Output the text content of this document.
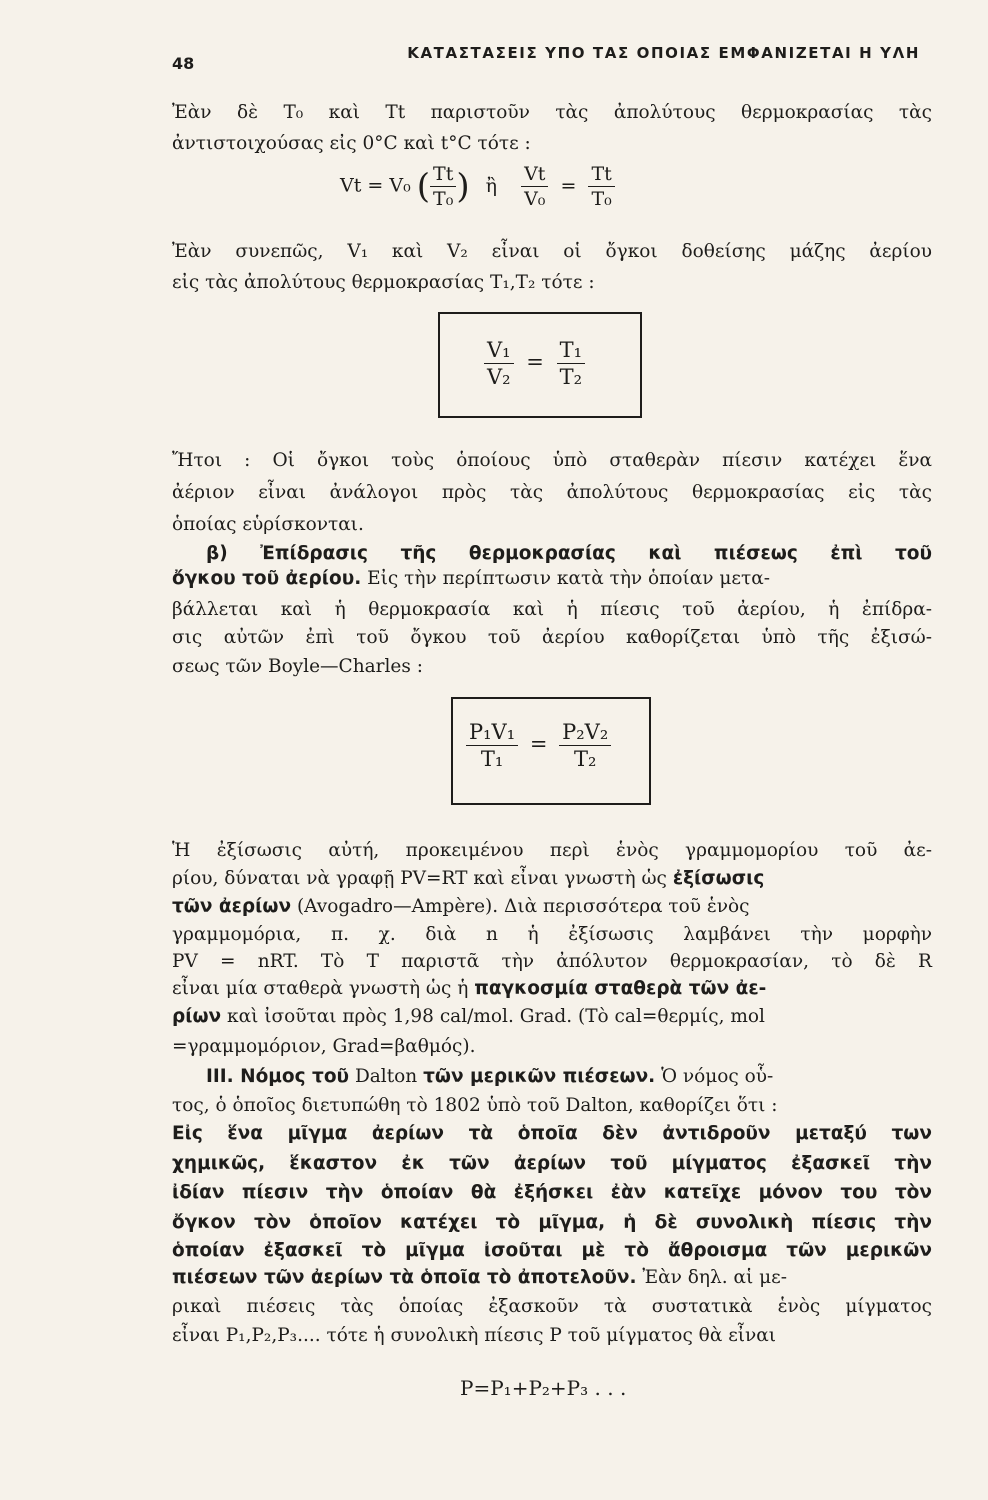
48
ΚΑΤΑΣΤΑΣΕΙΣ ΥΠΟ ΤΑΣ ΟΠΟΙΑΣ ΕΜΦΑΝΙΖΕΤΑΙ Η ΥΛΗ
Ἐὰν δὲ T₀ καὶ Tt παριστοῦν τὰς ἀπολύτους θερμοκρασίας τὰς
ἀντιστοιχούσας εἰς 0°C καὶ t°C τότε :
Vt = V₀ ( $\frac{Tt}{\text{T₀}}$ ) ἢ $\frac{Vt}{\text{V₀}} = \frac{Tt}{\text{T₀}}$
Ἐὰν συνεπῶς, V₁ καὶ V₂ εἶναι οἱ ὄγκοι δοθείσης μάζης ἀερίου
εἰς τὰς ἀπολύτους θερμοκρασίας T₁,T₂ τότε :
$\frac{\text{V₁}}{\text{V₂}} = \frac{\text{T₁}}{\text{T₂}}$
Ἤτοι : Οἱ ὄγκοι τοὺς ὁποίους ὑπὸ σταθερὰν πίεσιν κατέχει ἕνα
ἀέριον εἶναι ἀνάλογοι πρὸς τὰς ἀπολύτους θερμοκρασίας εἰς τὰς
ὁποίας εὑρίσκονται.
β) Ἐπίδρασις τῆς θερμοκρασίας καὶ πιέσεως ἐπὶ τοῦ
ὄγκου τοῦ ἀερίου. Εἰς τὴν περίπτωσιν κατὰ τὴν ὁποίαν μετα-
βάλλεται καὶ ἡ θερμοκρασία καὶ ἡ πίεσις τοῦ ἀερίου, ἡ ἐπίδρα-
σις αὐτῶν ἐπὶ τοῦ ὄγκου τοῦ ἀερίου καθορίζεται ὑπὸ τῆς ἐξισώ-
σεως τῶν Boyle—Charles :
$\frac{\text{P₁V₁}}{\text{T₁}} = \frac{\text{P₂V₂}}{\text{T₂}}$
Ἡ ἐξίσωσις αὐτή, προκειμένου περὶ ἑνὸς γραμμομορίου τοῦ ἀε-
ρίου, δύναται νὰ γραφῇ PV=RT καὶ εἶναι γνωστὴ ὡς ἐξίσωσις
τῶν ἀερίων (Avogadro—Ampère). Διὰ περισσότερα τοῦ ἑνὸς
γραμμομόρια, π. χ. διὰ n ἡ ἐξίσωσις λαμβάνει τὴν μορφὴν
PV = nRT. Τὸ T παριστᾶ τὴν ἀπόλυτον θερμοκρασίαν, τὸ δὲ R
εἶναι μία σταθερὰ γνωστὴ ὡς ἡ παγκοσμία σταθερὰ τῶν ἀε-
ρίων καὶ ἰσοῦται πρὸς 1,98 cal/mol. Grad. (Τὸ cal=θερμίς, mol
=γραμμομόριον, Grad=βαθμός).
III. Νόμος τοῦ Dalton τῶν μερικῶν πιέσεων. Ὁ νόμος οὗ-
τος, ὁ ὁποῖος διετυπώθη τὸ 1802 ὑπὸ τοῦ Dalton, καθορίζει ὅτι :
Εἰς ἕνα μῖγμα ἀερίων τὰ ὁποῖα δὲν ἀντιδροῦν μεταξύ των
χημικῶς, ἕκαστον ἐκ τῶν ἀερίων τοῦ μίγματος ἐξασκεῖ τὴν
ἰδίαν πίεσιν τὴν ὁποίαν θὰ ἐξήσκει ἐὰν κατεῖχε μόνον του τὸν
ὄγκον τὸν ὁποῖον κατέχει τὸ μῖγμα, ἡ δὲ συνολικὴ πίεσις τὴν
ὁποίαν ἐξασκεῖ τὸ μῖγμα ἰσοῦται μὲ τὸ ἄθροισμα τῶν μερικῶν
πιέσεων τῶν ἀερίων τὰ ὁποῖα τὸ ἀποτελοῦν. Ἐὰν δηλ. αἱ με-
ρικαὶ πιέσεις τὰς ὁποίας ἐξασκοῦν τὰ συστατικὰ ἑνὸς μίγματος
εἶναι P₁,P₂,P₃.... τότε ἡ συνολικὴ πίεσις P τοῦ μίγματος θὰ εἶναι
P=P₁+P₂+P₃ . . .
